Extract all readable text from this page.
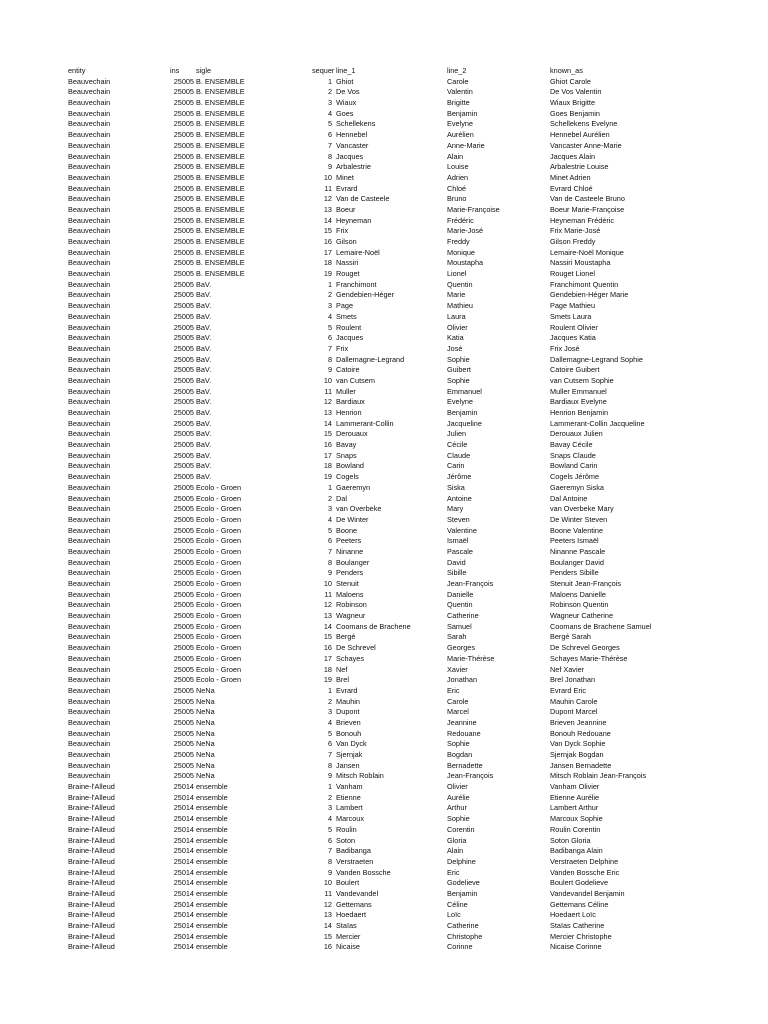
entity	ins	sigle	sequer line_1	line_2	known_as
Beauvechain	25005 B. ENSEMBLE	1 Ghiot	Carole	Ghiot Carole
Beauvechain	25005 B. ENSEMBLE	2 De Vos	Valentin	De Vos Valentin
Beauvechain	25005 B. ENSEMBLE	3 Wiaux	Brigitte	Wiaux Brigitte
Beauvechain	25005 B. ENSEMBLE	4 Goes	Benjamin	Goes Benjamin
Beauvechain	25005 B. ENSEMBLE	5 Schellekens	Evelyne	Schellekens Evelyne
Beauvechain	25005 B. ENSEMBLE	6 Hennebel	Aurélien	Hennebel Aurélien
Beauvechain	25005 B. ENSEMBLE	7 Vancaster	Anne-Marie	Vancaster Anne-Marie
Beauvechain	25005 B. ENSEMBLE	8 Jacques	Alain	Jacques Alain
Beauvechain	25005 B. ENSEMBLE	9 Arbalestrie	Louise	Arbalestrie Louise
Beauvechain	25005 B. ENSEMBLE	10 Minet	Adrien	Minet Adrien
Beauvechain	25005 B. ENSEMBLE	11 Evrard	Chloé	Evrard Chloé
Beauvechain	25005 B. ENSEMBLE	12 Van de Casteele	Bruno	Van de Casteele Bruno
Beauvechain	25005 B. ENSEMBLE	13 Boeur	Marie-Françoise	Boeur Marie-Françoise
Beauvechain	25005 B. ENSEMBLE	14 Heyneman	Frédéric	Heyneman Frédéric
Beauvechain	25005 B. ENSEMBLE	15 Frix	Marie-José	Frix Marie-José
Beauvechain	25005 B. ENSEMBLE	16 Gilson	Freddy	Gilson Freddy
Beauvechain	25005 B. ENSEMBLE	17 Lemaire-Noël	Monique	Lemaire-Noël Monique
Beauvechain	25005 B. ENSEMBLE	18 Nassiri	Moustapha	Nassiri Moustapha
Beauvechain	25005 B. ENSEMBLE	19 Rouget	Lionel	Rouget Lionel
Beauvechain	25005 BaV.	1 Franchimont	Quentin	Franchimont Quentin
Beauvechain	25005 BaV.	2 Gendebien-Héger	Marie	Gendebien-Héger Marie
Beauvechain	25005 BaV.	3 Page	Mathieu	Page Mathieu
Beauvechain	25005 BaV.	4 Smets	Laura	Smets Laura
Beauvechain	25005 BaV.	5 Roulent	Olivier	Roulent Olivier
Beauvechain	25005 BaV.	6 Jacques	Katia	Jacques Katia
Beauvechain	25005 BaV.	7 Frix	José	Frix José
Beauvechain	25005 BaV.	8 Dallemagne-Legrand	Sophie	Dallemagne-Legrand Sophie
Beauvechain	25005 BaV.	9 Catoire	Guibert	Catoire Guibert
Beauvechain	25005 BaV.	10 van Cutsem	Sophie	van Cutsem Sophie
Beauvechain	25005 BaV.	11 Muller	Emmanuel	Muller Emmanuel
Beauvechain	25005 BaV.	12 Bardiaux	Evelyne	Bardiaux Evelyne
Beauvechain	25005 BaV.	13 Henrion	Benjamin	Henrion Benjamin
Beauvechain	25005 BaV.	14 Lammerant-Collin	Jacqueline	Lammerant-Collin Jacqueline
Beauvechain	25005 BaV.	15 Derouaux	Julien	Derouaux Julien
Beauvechain	25005 BaV.	16 Bavay	Cécile	Bavay Cécile
Beauvechain	25005 BaV.	17 Snaps	Claude	Snaps Claude
Beauvechain	25005 BaV.	18 Bowland	Carin	Bowland Carin
Beauvechain	25005 BaV.	19 Cogels	Jérôme	Cogels Jérôme
Beauvechain	25005 Ecolo - Groen	1 Gaeremyn	Siska	Gaeremyn Siska
Beauvechain	25005 Ecolo - Groen	2 Dal	Antoine	Dal Antoine
Beauvechain	25005 Ecolo - Groen	3 van Overbeke	Mary	van Overbeke Mary
Beauvechain	25005 Ecolo - Groen	4 De Winter	Steven	De Winter Steven
Beauvechain	25005 Ecolo - Groen	5 Boone	Valentine	Boone Valentine
Beauvechain	25005 Ecolo - Groen	6 Peeters	Ismaël	Peeters Ismaël
Beauvechain	25005 Ecolo - Groen	7 Ninanne	Pascale	Ninanne Pascale
Beauvechain	25005 Ecolo - Groen	8 Boulanger	David	Boulanger David
Beauvechain	25005 Ecolo - Groen	9 Penders	Sibille	Penders Sibille
Beauvechain	25005 Ecolo - Groen	10 Stenuit	Jean-François	Stenuit Jean-François
Beauvechain	25005 Ecolo - Groen	11 Maloens	Danielle	Maloens Danielle
Beauvechain	25005 Ecolo - Groen	12 Robinson	Quentin	Robinson Quentin
Beauvechain	25005 Ecolo - Groen	13 Wagneur	Catherine	Wagneur Catherine
Beauvechain	25005 Ecolo - Groen	14 Coomans de Brachene	Samuel	Coomans de Brachene Samuel
Beauvechain	25005 Ecolo - Groen	15 Bergé	Sarah	Bergé Sarah
Beauvechain	25005 Ecolo - Groen	16 De Schrevel	Georges	De Schrevel Georges
Beauvechain	25005 Ecolo - Groen	17 Schayes	Marie-Thérèse	Schayes Marie-Thérèse
Beauvechain	25005 Ecolo - Groen	18 Nef	Xavier	Nef Xavier
Beauvechain	25005 Ecolo - Groen	19 Brel	Jonathan	Brel Jonathan
Beauvechain	25005 NeNa	1 Evrard	Eric	Evrard Eric
Beauvechain	25005 NeNa	2 Mauhin	Carole	Mauhin Carole
Beauvechain	25005 NeNa	3 Dupont	Marcel	Dupont Marcel
Beauvechain	25005 NeNa	4 Brieven	Jeannine	Brieven Jeannine
Beauvechain	25005 NeNa	5 Bonouh	Redouane	Bonouh Redouane
Beauvechain	25005 NeNa	6 Van Dyck	Sophie	Van Dyck Sophie
Beauvechain	25005 NeNa	7 Sjernjak	Bogdan	Sjernjak Bogdan
Beauvechain	25005 NeNa	8 Jansen	Bernadette	Jansen Bernadette
Beauvechain	25005 NeNa	9 Mitsch Roblain	Jean-François	Mitsch Roblain Jean-François
Braine-l'Alleud	25014 ensemble	1 Vanham	Olivier	Vanham Olivier
Braine-l'Alleud	25014 ensemble	2 Etienne	Aurélie	Etienne Aurélie
Braine-l'Alleud	25014 ensemble	3 Lambert	Arthur	Lambert Arthur
Braine-l'Alleud	25014 ensemble	4 Marcoux	Sophie	Marcoux Sophie
Braine-l'Alleud	25014 ensemble	5 Roulin	Corentin	Roulin Corentin
Braine-l'Alleud	25014 ensemble	6 Soton	Gloria	Soton Gloria
Braine-l'Alleud	25014 ensemble	7 Badibanga	Alain	Badibanga Alain
Braine-l'Alleud	25014 ensemble	8 Verstraeten	Delphine	Verstraeten Delphine
Braine-l'Alleud	25014 ensemble	9 Vanden Bossche	Eric	Vanden Bossche Eric
Braine-l'Alleud	25014 ensemble	10 Boulert	Godelieve	Boulert Godelieve
Braine-l'Alleud	25014 ensemble	11 Vandevandel	Benjamin	Vandevandel Benjamin
Braine-l'Alleud	25014 ensemble	12 Gettemans	Céline	Gettemans Céline
Braine-l'Alleud	25014 ensemble	13 Hoedaert	Loïc	Hoedaert Loïc
Braine-l'Alleud	25014 ensemble	14 Staïas	Catherine	Staïas Catherine
Braine-l'Alleud	25014 ensemble	15 Mercier	Christophe	Mercier Christophe
Braine-l'Alleud	25014 ensemble	16 Nicaise	Corinne	Nicaise Corinne
